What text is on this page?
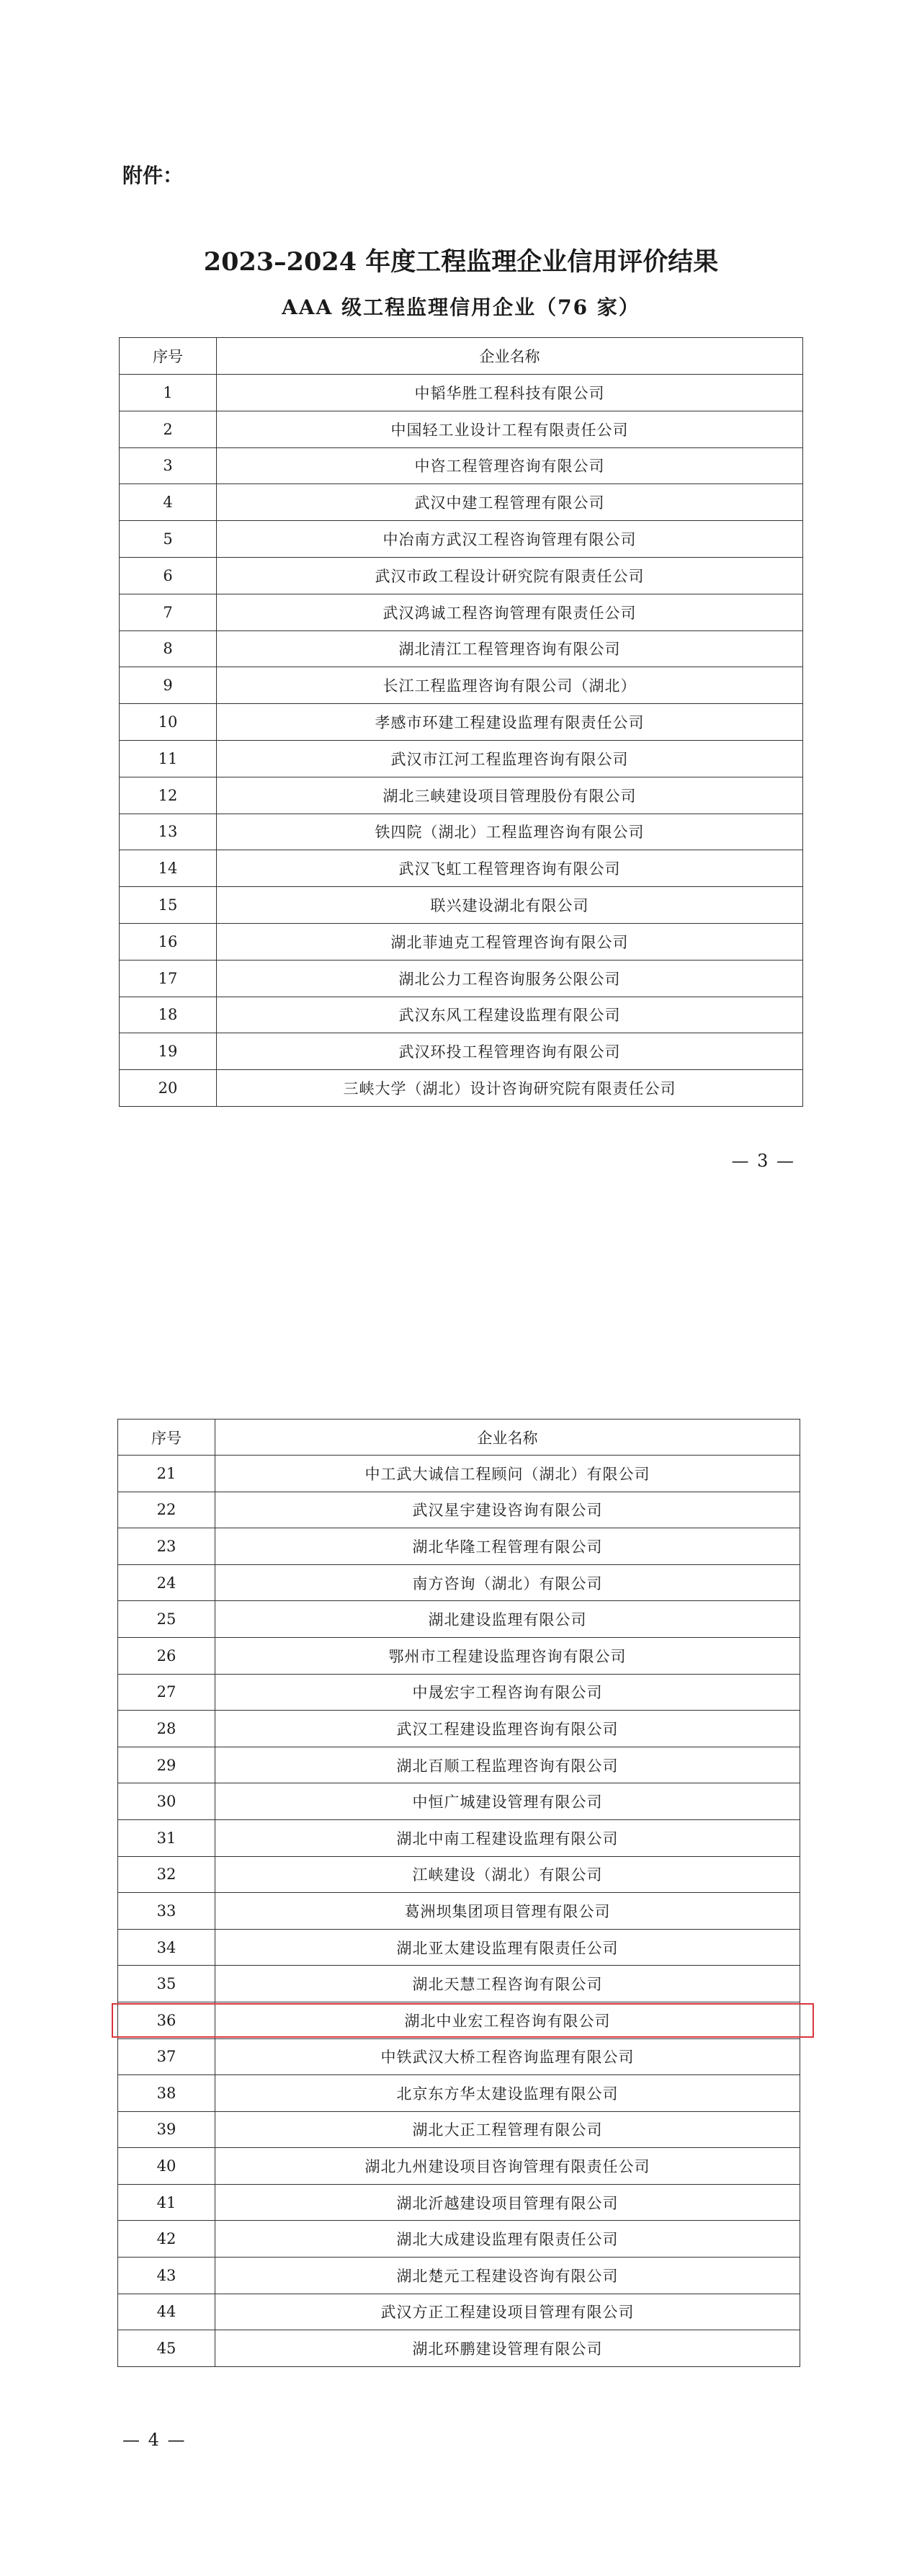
附件：
2023–2024 年度工程监理企业信用评价结果
AAA 级工程监理信用企业（76 家）
序号	企业名称
1	中韬华胜工程科技有限公司
2	中国轻工业设计工程有限责任公司
3	中咨工程管理咨询有限公司
4	武汉中建工程管理有限公司
5	中冶南方武汉工程咨询管理有限公司
6	武汉市政工程设计研究院有限责任公司
7	武汉鸿诚工程咨询管理有限责任公司
8	湖北清江工程管理咨询有限公司
9	长江工程监理咨询有限公司（湖北）
10	孝感市环建工程建设监理有限责任公司
11	武汉市江河工程监理咨询有限公司
12	湖北三峡建设项目管理股份有限公司
13	铁四院（湖北）工程监理咨询有限公司
14	武汉飞虹工程管理咨询有限公司
15	联兴建设湖北有限公司
16	湖北菲迪克工程管理咨询有限公司
17	湖北公力工程咨询服务公限公司
18	武汉东风工程建设监理有限公司
19	武汉环投工程管理咨询有限公司
20	三峡大学（湖北）设计咨询研究院有限责任公司
— 3 —
序号	企业名称
21	中工武大诚信工程顾问（湖北）有限公司
22	武汉星宇建设咨询有限公司
23	湖北华隆工程管理有限公司
24	南方咨询（湖北）有限公司
25	湖北建设监理有限公司
26	鄂州市工程建设监理咨询有限公司
27	中晟宏宇工程咨询有限公司
28	武汉工程建设监理咨询有限公司
29	湖北百顺工程监理咨询有限公司
30	中恒广城建设管理有限公司
31	湖北中南工程建设监理有限公司
32	江峡建设（湖北）有限公司
33	葛洲坝集团项目管理有限公司
34	湖北亚太建设监理有限责任公司
35	湖北天慧工程咨询有限公司
36	湖北中业宏工程咨询有限公司
37	中铁武汉大桥工程咨询监理有限公司
38	北京东方华太建设监理有限公司
39	湖北大正工程管理有限公司
40	湖北九州建设项目咨询管理有限责任公司
41	湖北沂越建设项目管理有限公司
42	湖北大成建设监理有限责任公司
43	湖北楚元工程建设咨询有限公司
44	武汉方正工程建设项目管理有限公司
45	湖北环鹏建设管理有限公司
— 4 —
